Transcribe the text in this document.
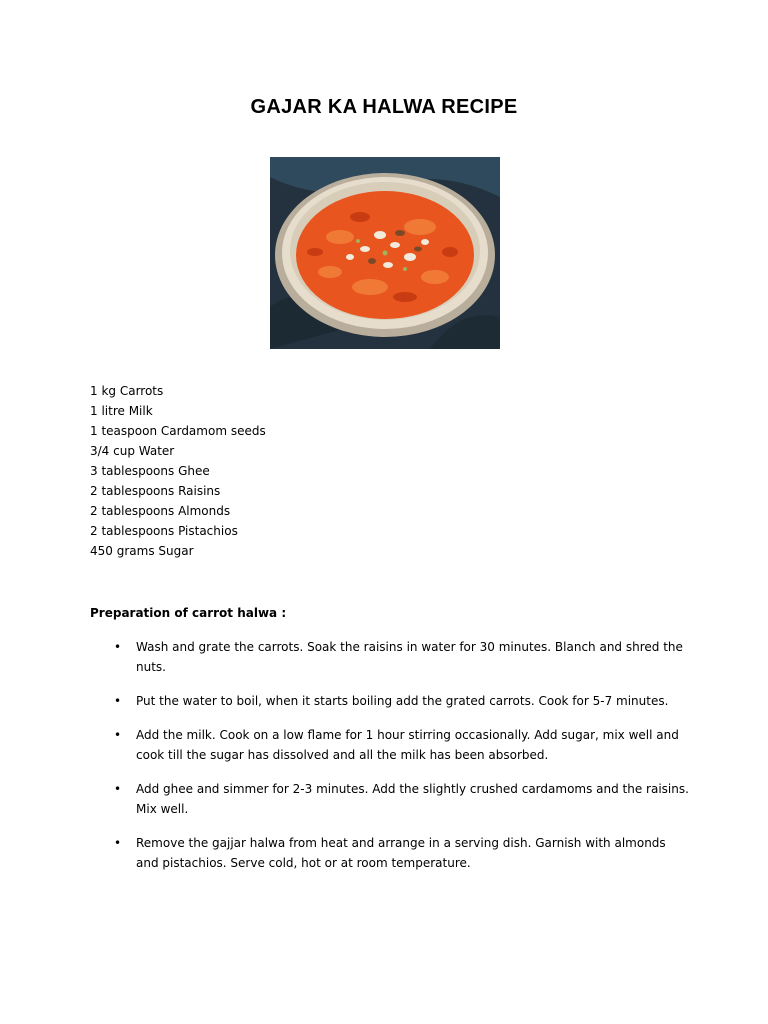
GAJAR KA HALWA RECIPE
1 kg Carrots
1 litre Milk
1 teaspoon Cardamom seeds
3/4 cup Water
3 tablespoons Ghee
2 tablespoons Raisins
2 tablespoons Almonds
2 tablespoons Pistachios
450 grams Sugar

Preparation of carrot halwa :

• Wash and grate the carrots. Soak the raisins in water for 30 minutes. Blanch and shred the nuts.
• Put the water to boil, when it starts boiling add the grated carrots. Cook for 5-7 minutes.
• Add the milk. Cook on a low flame for 1 hour stirring occasionally. Add sugar, mix well and cook till the sugar has dissolved and all the milk has been absorbed.
• Add ghee and simmer for 2-3 minutes. Add the slightly crushed cardamoms and the raisins. Mix well.
• Remove the gajjar halwa from heat and arrange in a serving dish. Garnish with almonds and pistachios. Serve cold, hot or at room temperature.
